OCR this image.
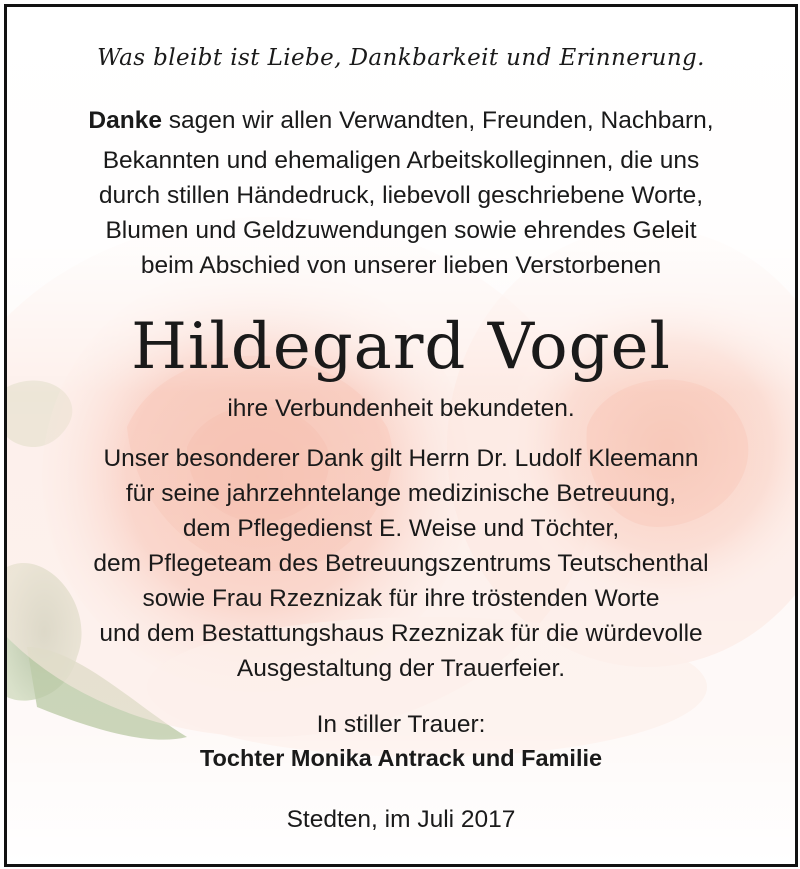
Was bleibt ist Liebe, Dankbarkeit und Erinnerung.
Danke sagen wir allen Verwandten, Freunden, Nachbarn,
Bekannten und ehemaligen Arbeitskolleginnen, die uns
durch stillen Händedruck, liebevoll geschriebene Worte,
Blumen und Geldzuwendungen sowie ehrendes Geleit
beim Abschied von unserer lieben Verstorbenen
Hildegard Vogel
ihre Verbundenheit bekundeten.
Unser besonderer Dank gilt Herrn Dr. Ludolf Kleemann
für seine jahrzehntelange medizinische Betreuung,
dem Pflegedienst E. Weise und Töchter,
dem Pflegeteam des Betreuungszentrums Teutschenthal
sowie Frau Rzeznizak für ihre tröstenden Worte
und dem Bestattungshaus Rzeznizak für die würdevolle
Ausgestaltung der Trauerfeier.
In stiller Trauer:
Tochter Monika Antrack und Familie
Stedten, im Juli 2017
